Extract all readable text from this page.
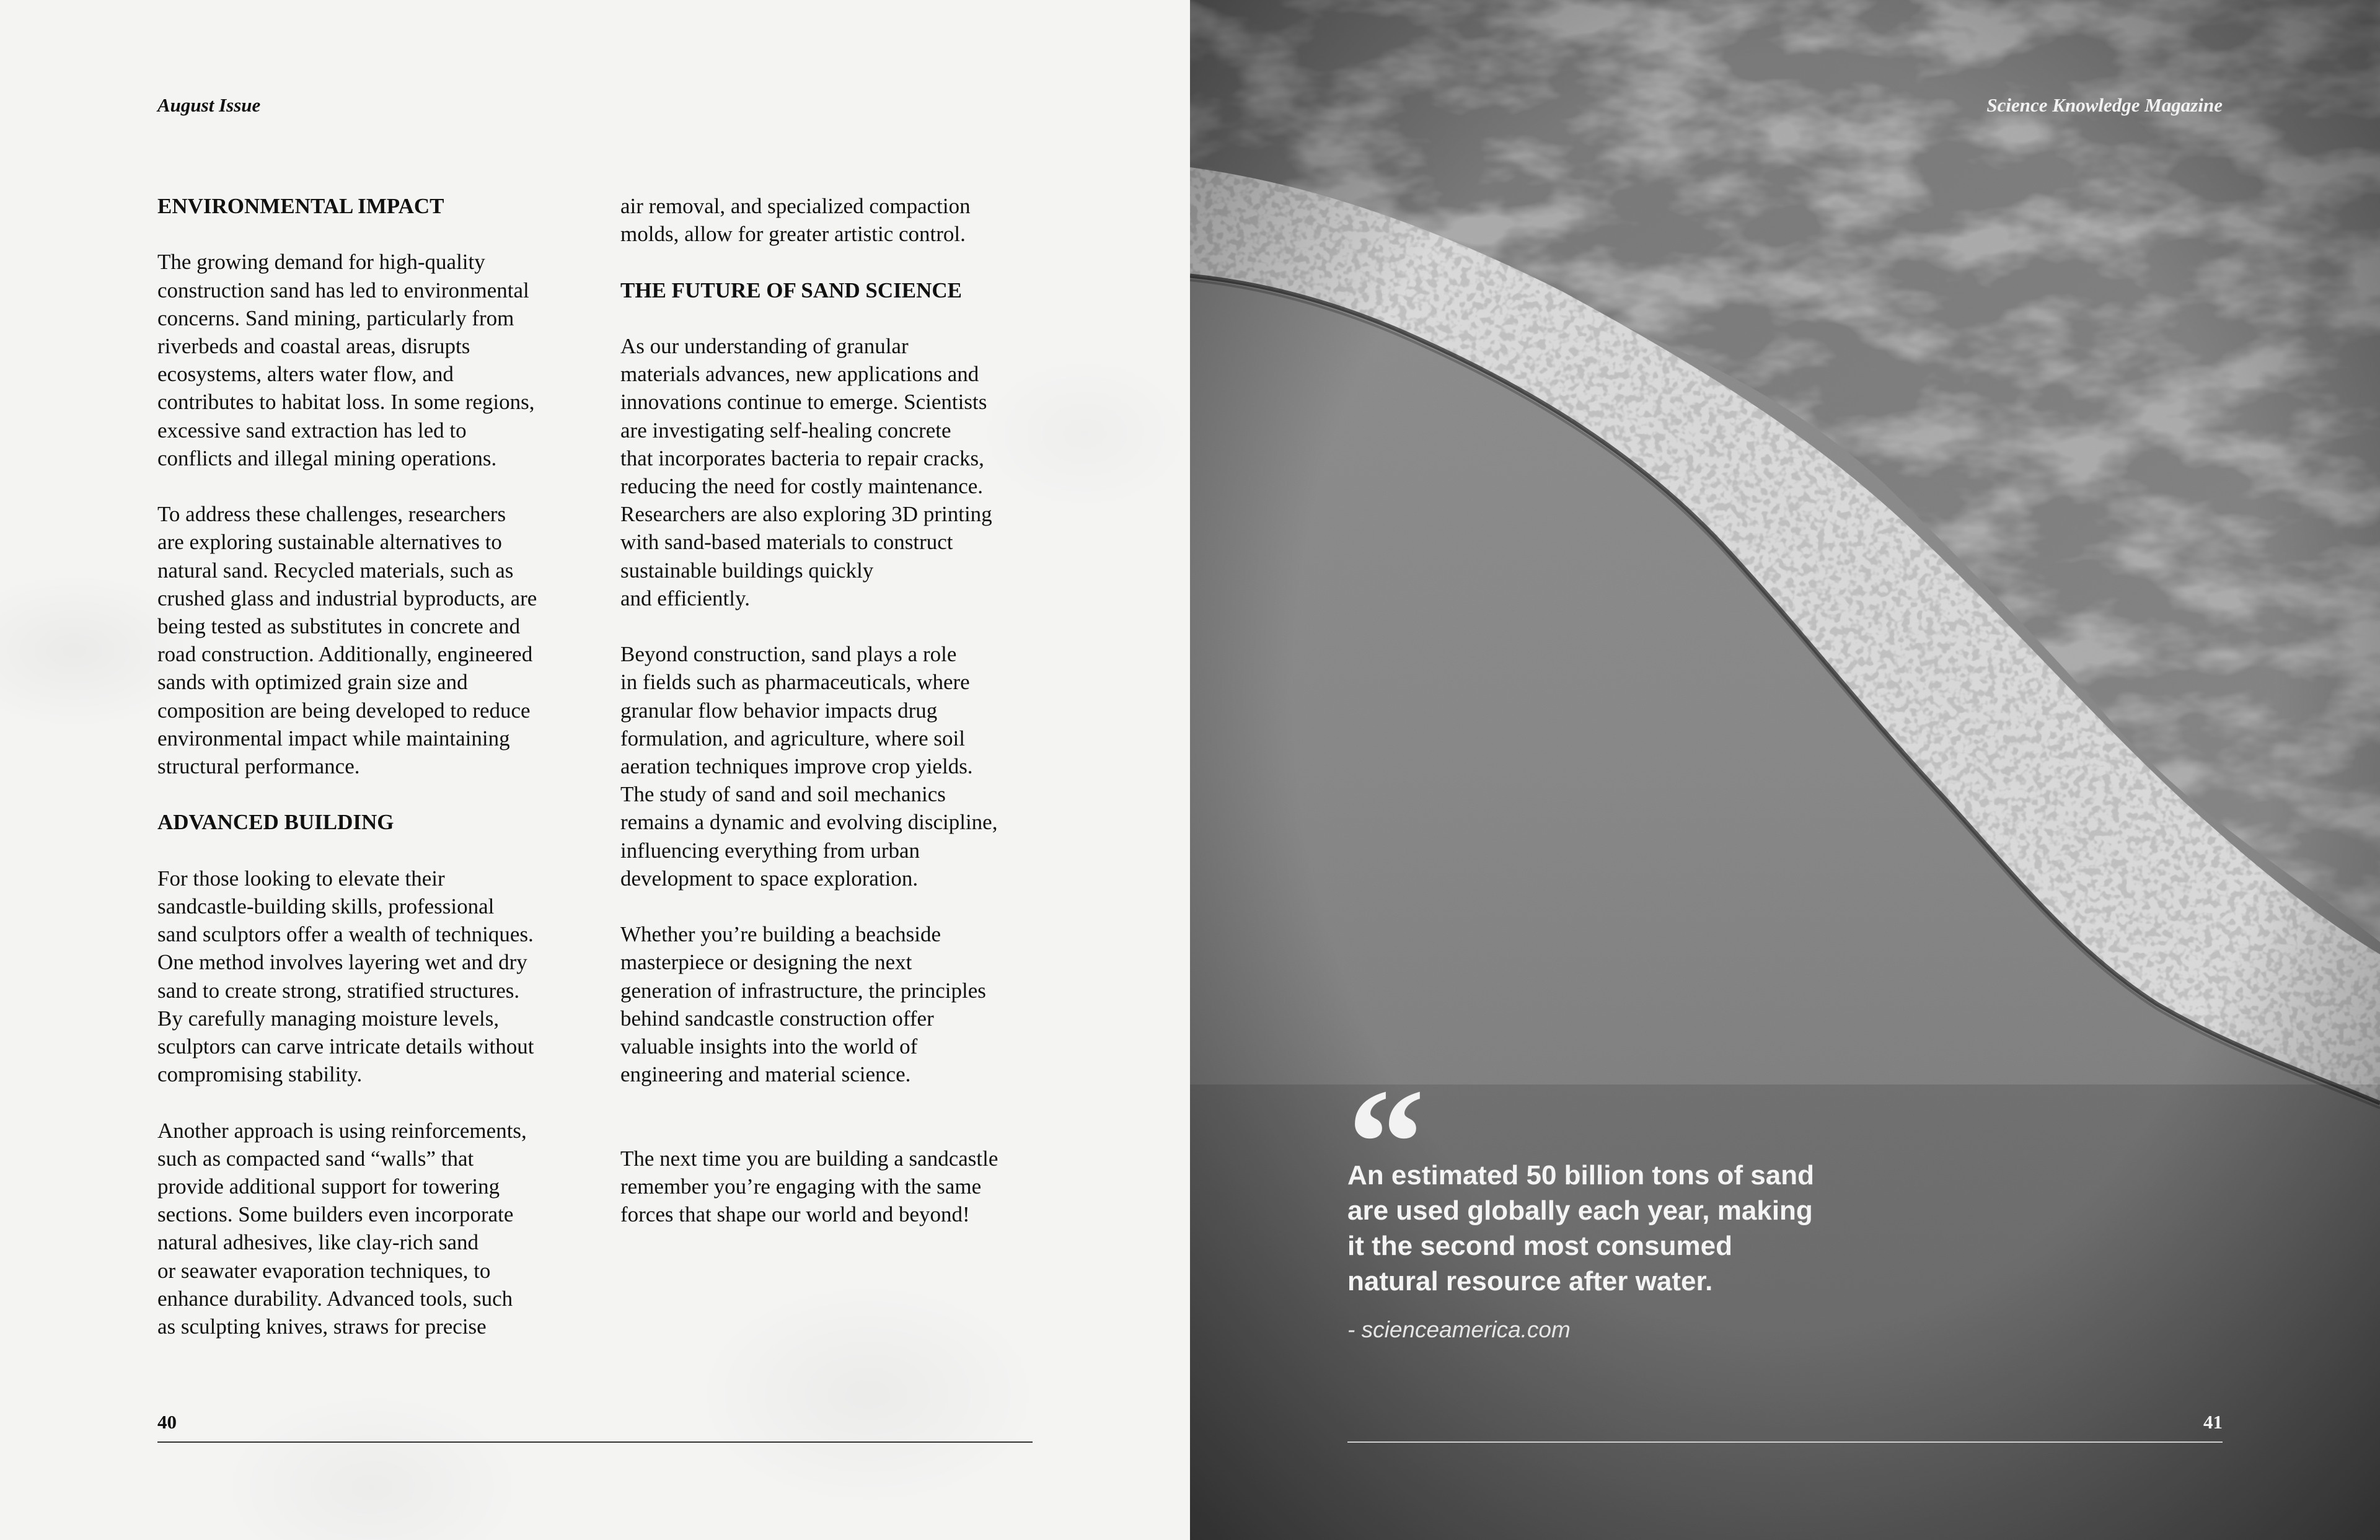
August Issue
ENVIRONMENTAL IMPACT

The growing demand for high-quality
construction sand has led to environmental
concerns. Sand mining, particularly from
riverbeds and coastal areas, disrupts
ecosystems, alters water flow, and
contributes to habitat loss. In some regions,
excessive sand extraction has led to
conflicts and illegal mining operations.

To address these challenges, researchers
are exploring sustainable alternatives to
natural sand. Recycled materials, such as
crushed glass and industrial byproducts, are
being tested as substitutes in concrete and
road construction. Additionally, engineered
sands with optimized grain size and
composition are being developed to reduce
environmental impact while maintaining
structural performance.

ADVANCED BUILDING

For those looking to elevate their
sandcastle-building skills, professional
sand sculptors offer a wealth of techniques.
One method involves layering wet and dry
sand to create strong, stratified structures.
By carefully managing moisture levels,
sculptors can carve intricate details without
compromising stability.

Another approach is using reinforcements,
such as compacted sand “walls” that
provide additional support for towering
sections. Some builders even incorporate
natural adhesives, like clay-rich sand
or seawater evaporation techniques, to
enhance durability. Advanced tools, such
as sculpting knives, straws for precise

air removal, and specialized compaction
molds, allow for greater artistic control.

THE FUTURE OF SAND SCIENCE

As our understanding of granular
materials advances, new applications and
innovations continue to emerge. Scientists
are investigating self-healing concrete
that incorporates bacteria to repair cracks,
reducing the need for costly maintenance.
Researchers are also exploring 3D printing
with sand-based materials to construct
sustainable buildings quickly
and efficiently.

Beyond construction, sand plays a role
in fields such as pharmaceuticals, where
granular flow behavior impacts drug
formulation, and agriculture, where soil
aeration techniques improve crop yields.
The study of sand and soil mechanics
remains a dynamic and evolving discipline,
influencing everything from urban
development to space exploration.

Whether you’re building a beachside
masterpiece or designing the next
generation of infrastructure, the principles
behind sandcastle construction offer
valuable insights into the world of
engineering and material science.

The next time you are building a sandcastle
remember you’re engaging with the same
forces that shape our world and beyond!

40
Science Knowledge Magazine
“
An estimated 50 billion tons of sand
are used globally each year, making
it the second most consumed
natural resource after water.
- scienceamerica.com
41
